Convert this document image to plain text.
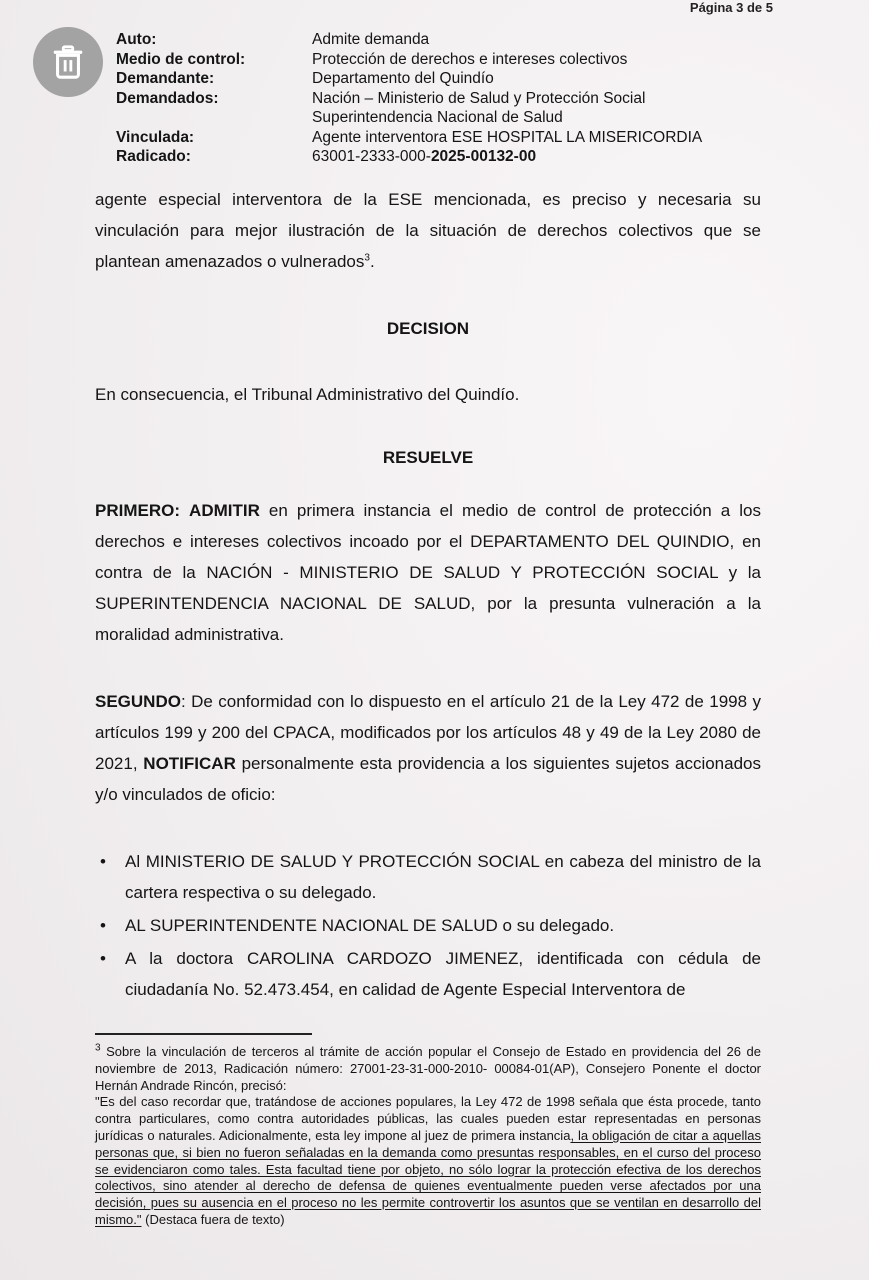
Página 3 de 5
Auto:	Admite demanda
Medio de control:	Protección de derechos e intereses colectivos
Demandante:	Departamento del Quindío
Demandados:	Nación – Ministerio de Salud y Protección Social
Superintendencia Nacional de Salud
Vinculada:	Agente interventora ESE HOSPITAL LA MISERICORDIA
Radicado:	63001-2333-000-2025-00132-00
agente especial interventora de la ESE mencionada, es preciso y necesaria su vinculación para mejor ilustración de la situación de derechos colectivos que se plantean amenazados o vulnerados$^3$.
DECISION
En consecuencia, el Tribunal Administrativo del Quindío.
RESUELVE
PRIMERO: ADMITIR en primera instancia el medio de control de protección a los derechos e intereses colectivos incoado por el DEPARTAMENTO DEL QUINDIO, en contra de la NACIÓN - MINISTERIO DE SALUD Y PROTECCIÓN SOCIAL y la SUPERINTENDENCIA NACIONAL DE SALUD, por la presunta vulneración a la moralidad administrativa.
SEGUNDO: De conformidad con lo dispuesto en el artículo 21 de la Ley 472 de 1998 y artículos 199 y 200 del CPACA, modificados por los artículos 48 y 49 de la Ley 2080 de 2021, NOTIFICAR personalmente esta providencia a los siguientes sujetos accionados y/o vinculados de oficio:
• Al MINISTERIO DE SALUD Y PROTECCIÓN SOCIAL en cabeza del ministro de la cartera respectiva o su delegado.
• AL SUPERINTENDENTE NACIONAL DE SALUD o su delegado.
• A la doctora CAROLINA CARDOZO JIMENEZ, identificada con cédula de ciudadanía No. 52.473.454, en calidad de Agente Especial Interventora de

$^3$ Sobre la vinculación de terceros al trámite de acción popular el Consejo de Estado en providencia del 26 de noviembre de 2013, Radicación número: 27001-23-31-000-2010- 00084-01(AP), Consejero Ponente el doctor Hernán Andrade Rincón, precisó:

"Es del caso recordar que, tratándose de acciones populares, la Ley 472 de 1998 señala que ésta procede, tanto contra particulares, como contra autoridades públicas, las cuales pueden estar representadas en personas jurídicas o naturales. Adicionalmente, esta ley impone al juez de primera instancia, la obligación de citar a aquellas personas que, si bien no fueron señaladas en la demanda como presuntas responsables, en el curso del proceso se evidenciaron como tales. Esta facultad tiene por objeto, no sólo lograr la protección efectiva de los derechos colectivos, sino atender al derecho de defensa de quienes eventualmente pueden verse afectados por una decisión, pues su ausencia en el proceso no les permite controvertir los asuntos que se ventilan en desarrollo del mismo." (Destaca fuera de texto)
